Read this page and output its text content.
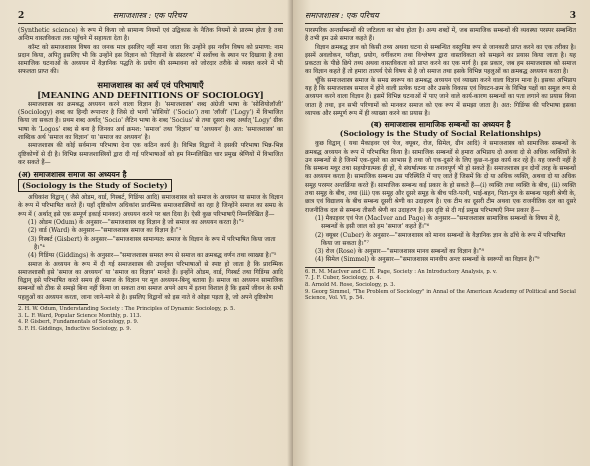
2	समाजशास्त्र : एक परिचय

(Synthetic science) के रूप में किया जो सामान्य नियमों एवं उद्विकास के नैतिक नियमों से प्रारम्भ होता है तथा अन्तिम वास्तविकता तक पहुँचने में सहायता देता है।

कॉम्ट को समाजशास्त्र विषय का जनक मात्र इसलिए नहीं माना जाता कि उन्होंने इस नवीन विषय को प्रमाणा: नाम प्रदान किया, अपितु इसलिए भी कि उन्होंने इस विज्ञान को 'विज्ञानों के संस्तरण' में सर्वोच्च के स्थान पर दिखाया है तथा सामाजिक घटनाओं के अध्ययन में वैज्ञानिक पद्धति के प्रयोग की सम्भावना को जोरदार तरीके से व्यक्त करने में भी सफलता प्राप्त की।

समाजशास्त्र का अर्थ एवं परिभाषाएँ
[MEANING AND DEFINITIONS OF SOCIOLOGY]

समाजशास्त्र का क्रमबद्ध अध्ययन करने वाला विज्ञान है। 'समाजशास्त्र' शब्द अंग्रेजी भाषा के 'सोशियोलॉजी' (Sociology) शब्द का हिन्दी रूपान्तर है जिसे दो भागों 'सोशियो' ('Socio') तथा 'लॉजी' ('Logy') में विभाजित किया जा सकता है। प्रथम शब्द अर्थात् 'Socio' लैटिन भाषा के शब्द 'Socius' से तथा दूसरा शब्द अर्थात् 'Logy' ग्रीक भाषा के 'Logos' शब्द से बना है जिनका अर्थ क्रमश: 'समाज' तथा 'विज्ञान' या 'अध्ययन' है। अत: 'समाजशास्त्र' का शाब्दिक अर्थ 'समाज का विज्ञान' या 'समाज का अध्ययन' है।

समाजशास्त्र की कोई सर्वमान्य परिभाषा देना एक कठिन कार्य है। विभिन्न विद्वानों ने इसकी परिभाषा भिन्न-भिन्न दृष्टिकोणों से दी है। विभिन्न समाजशास्त्रियों द्वारा दी गई परिभाषाओं को हम निम्नलिखित चार प्रमुख श्रेणियों में विभाजित कर सकते हैं—

(अ) समाजशास्त्र समाज का अध्ययन है
(Sociology is the Study of Society)

अधिकांश विद्वान् ( जैसे ओडम, वार्ड, गिस्बर्ट, गिडिंग्स आदि) समाजशास्त्र को समाज के अध्ययन या समाज के विज्ञान के रूप में परिभाषित करते हैं। यहाँ दृष्टिकोण अधिकांश प्रारम्भिक समाजशास्त्रियों का रहा है जिन्होंने समाज का समग्र के रूप में ( अर्थात् इसे एक सम्पूर्ण इकाई मानकर) अध्ययन करने पर बल दिया है। ऐसी कुछ परिभाषाएँ निम्नलिखित हैं—

(1) ओडम (Odum) के अनुसार—"समाजशास्त्र वह विज्ञान है जो समाज का अध्ययन करता है।"²

(2) वार्ड (Ward) के अनुसार—"समाजशास्त्र समाज का विज्ञान है।"³

(3) गिस्बर्ट (Gisbert) के अनुसार—"समाजशास्त्र सामान्यत: समाज के विज्ञान के रूप में परिभाषित किया जाता है।"⁴

(4) गिडिंग्स (Giddings) के अनुसार—"समाजशास्त्र समस्त रूप से समाज का क्रमबद्ध वर्णन तथा व्याख्या है।"⁵

समाज के अध्ययन के रूप में दी गई समाजशास्त्र की उपर्युक्त परिभाषाओं से स्पष्ट हो जाता है कि प्रारम्भिक समाजशास्त्री इसे 'समाज का अध्ययन' या 'समाज का विज्ञान' मानते हैं। इन्होंने ओडम, वार्ड, गिस्बर्ट तथा गिडिंग्स आदि विद्वान् इसे परिभाषित करते समय ही समाज के विज्ञान पर मूल अध्ययन-बिन्दु बताया है। समाज का अध्ययन सामाजिक सम्बन्धों को ठीक से समझे बिना नहीं किया जा सकता तथा समाज अपने आप में इतना विशाल है कि इसमें जीवन के सभी पहलुओं का अध्ययन करता, जाना जाने-माने से है। इसलिए विद्वानों को इस नाते वे ओझा पड़ता है, जो अपने दृष्टिकोण

2. H. W. Odum, Understanding Society : The Principles of Dynamic Sociology, p. 5.

3. L. F. Ward, Popular Science Monthly, p. 113.

4. P. Gisbert, Fundamentals of Sociology, p. 9.

5. F. H. Giddings, Inductive Sociology, p. 9.

समाजशास्त्र : एक परिचय	3

पारस्परिक अन्तर्सम्बन्धों की जटिलता का बोध होता है। अन्य शब्दों में, जब सामाजिक सम्बन्धों की व्यवस्था परस्पर सम्बन्धित है तभी हम उसे समाज कहते हैं।

विज्ञान क्रमबद्ध ज्ञान को किसी तथ्य अथवा घटना से सम्बन्धित वस्तुनिष्ठ रूप से जानकारी प्राप्त करने का एक तरीका है। इसमें अवलोकन, परीक्षा, प्रयोग, वर्गीकरण तथा विश्लेषण द्वारा वास्तविकता को समझने का प्रयास किया जाता है। यह प्रकटता के पीछे छिपे तथ्य अथवा वास्तविकता को प्राप्त करने का एक मार्ग है। इस प्रकार, जब हम समाजशास्त्र को समाज का विज्ञान कहते हैं तो हमारा तात्पर्य ऐसे विषय से है जो समाज तथा इसके विभिन्न पहलुओं का क्रमबद्ध अध्ययन करता है।

चूँकि समाजशास्त्र समाज के समग्र स्वरूप का क्रमबद्ध अध्ययन एवं व्याख्या करने वाला विज्ञान माना है। इसका अभिप्राय यह है कि समाजशास्त्र समाज में होने वाली प्रत्येक घटना और उसके विकास एवं विघटन-क्रम के विभिन्न पक्षों का समूल रूप से अध्ययन करने वाला विज्ञान है। इसमें विभिन्न घटनाओं में पाए जाने वाले कार्य-कारण सम्बन्धों का पता लगाने का प्रयास किया जाता है तथा, इन सभी परिणामों को मानकर समाज को एक रूप में समझा जाता है। अत: गिडिंग्स की परिभाषा इसका व्यापक और सम्पूर्ण रूप में ही व्याख्या करने का प्रयास है।

(ब) समाजशास्त्र सामाजिक सम्बन्धों का अध्ययन है
(Sociology is the Study of Social Relationships)

कुछ विद्वान् ( यथा मैकाइवर एवं पेज, क्यूबर, रोज, सिमेल, ग्रीन आदि) ने समाजशास्त्र को सामाजिक सम्बन्धों के क्रमबद्ध अध्ययन के रूप में परिभाषित किया है। सामाजिक सम्बन्धों से हमारा अभिप्राय दो अथवा दो से अधिक व्यक्तियों के उन सम्बन्धों से है जिनमें एक-दूसरे का आभास है तथा जो एक-दूसरे के लिए कुछ-न-कुछ कार्य कर रहे हैं। यह जरूरी नहीं है कि सम्बन्ध मधुर तथा सहयोगात्मक ही हों, ये संघर्षात्मक या तनावपूर्ण भी हो सकते हैं। समाजशास्त्र इन दोनों तरह के सम्बन्धों का अध्ययन करता है। सामाजिक सम्बन्ध उस परिस्थिति में पाए जाते हैं जिसमें कि दो या अधिक व्यक्ति, अथवा दो या अधिक समूह परस्पर अन्तर्क्रिया करते हैं। सामाजिक सम्बन्ध कई प्रकार के हो सकते हैं—(i) व्यक्ति तथा व्यक्ति के बीच, (ii) व्यक्ति तथा समूह के बीच, तथा (iii) एक समूह और दूसरे समूह के बीच पति-पत्नी, भाई-बहन, पिता-पुत्र के सम्बन्ध पहली श्रेणी के, छात्र एवं विद्यालय के बीच सम्बन्ध दूसरी श्रेणी का उदाहरण है। एक टीम का दूसरी टीम अथवा एक राजनीतिक दल का दूसरे राजनीतिक दल से सम्बन्ध तीसरी श्रेणी का उदाहरण है। इस दृष्टि से दी गई प्रमुख परिभाषाएँ निम्न प्रकार हैं—

(1) मैकाइवर एवं पेज (MacIver and Page) के अनुसार—"समाजशास्त्र सामाजिक सम्बन्धों के विषय में है, सम्बन्धों के इसी जाल को हम 'समाज' कहते हैं।"⁶

(2) क्यूबर (Cuber) के अनुसार—"समाजशास्त्र को मानव सम्बन्धों के वैज्ञानिक ज्ञान के ढाँचे के रूप में परिभाषित किया जा सकता है।"⁷

(3) रोज (Rose) के अनुसार—"समाजशास्त्र मानव सम्बन्धों का विज्ञान है।"⁸

(4) सिमेल (Simmel) के अनुसार—"समाजशास्त्र मानवीय अन्तः सम्बन्धों के स्वरूपों का विज्ञान है।"⁹

6. R. M. MacIver and C. H. Page, Society : An Introductory Analysis, p. v.

7. J. F. Cuber, Sociology, p. 4.

8. Arnold M. Rose, Sociology, p. 3.

9. Georg Simmel, "The Problem of Sociology" in Annal of the American Academy of Political and Social Science, Vol. VI, p. 54.
